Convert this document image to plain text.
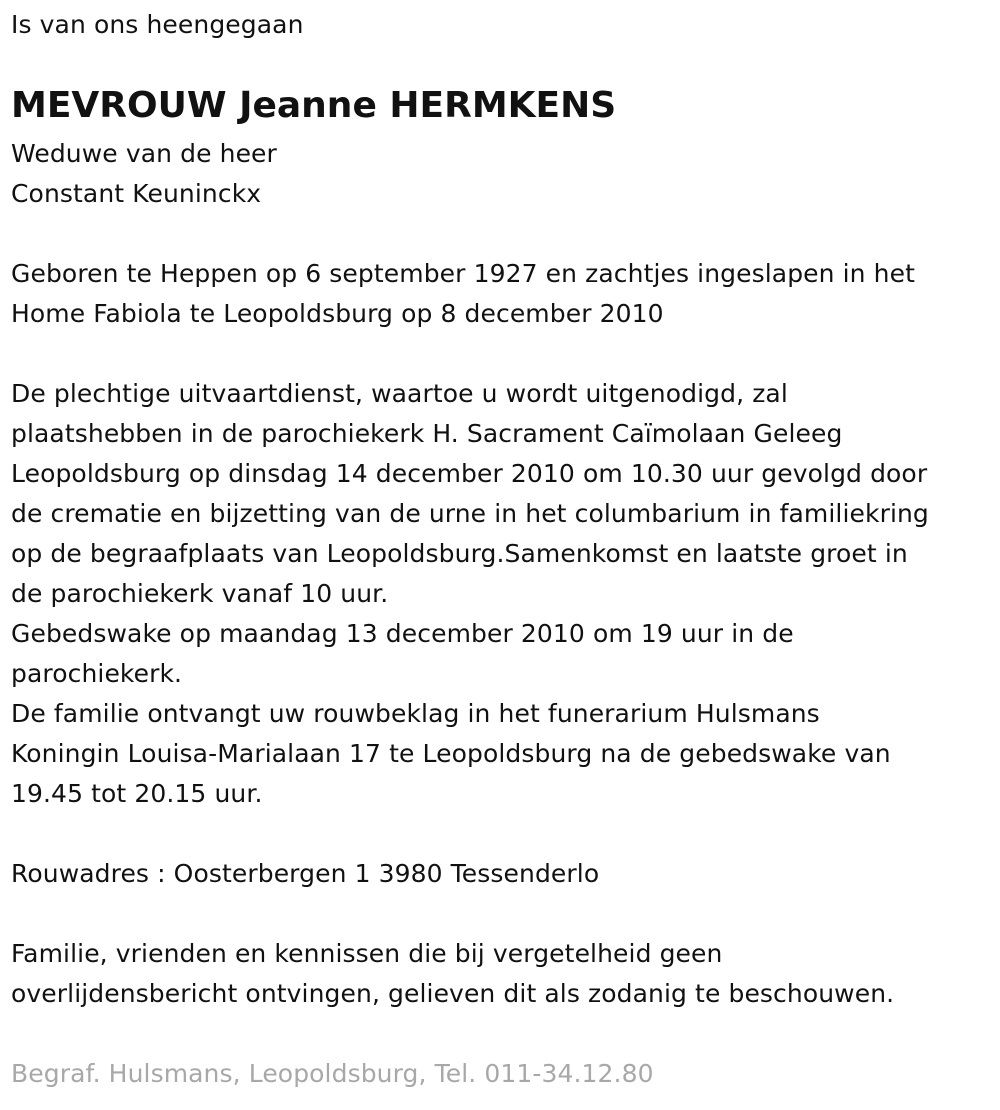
Is van ons heengegaan
MEVROUW Jeanne HERMKENS
Weduwe van de heer
Constant Keuninckx
Geboren te Heppen op 6 september 1927 en zachtjes ingeslapen in het
Home Fabiola te Leopoldsburg op 8 december 2010
De plechtige uitvaartdienst, waartoe u wordt uitgenodigd, zal
plaatshebben in de parochiekerk H. Sacrament Caïmolaan Geleeg
Leopoldsburg op dinsdag 14 december 2010 om 10.30 uur gevolgd door
de crematie en bijzetting van de urne in het columbarium in familiekring
op de begraafplaats van Leopoldsburg.Samenkomst en laatste groet in
de parochiekerk vanaf 10 uur.
Gebedswake op maandag 13 december 2010 om 19 uur in de
parochiekerk.
De familie ontvangt uw rouwbeklag in het funerarium Hulsmans
Koningin Louisa-Marialaan 17 te Leopoldsburg na de gebedswake van
19.45 tot 20.15 uur.
Rouwadres : Oosterbergen 1 3980 Tessenderlo
Familie, vrienden en kennissen die bij vergetelheid geen
overlijdensbericht ontvingen, gelieven dit als zodanig te beschouwen.
Begraf. Hulsmans, Leopoldsburg, Tel. 011-34.12.80
